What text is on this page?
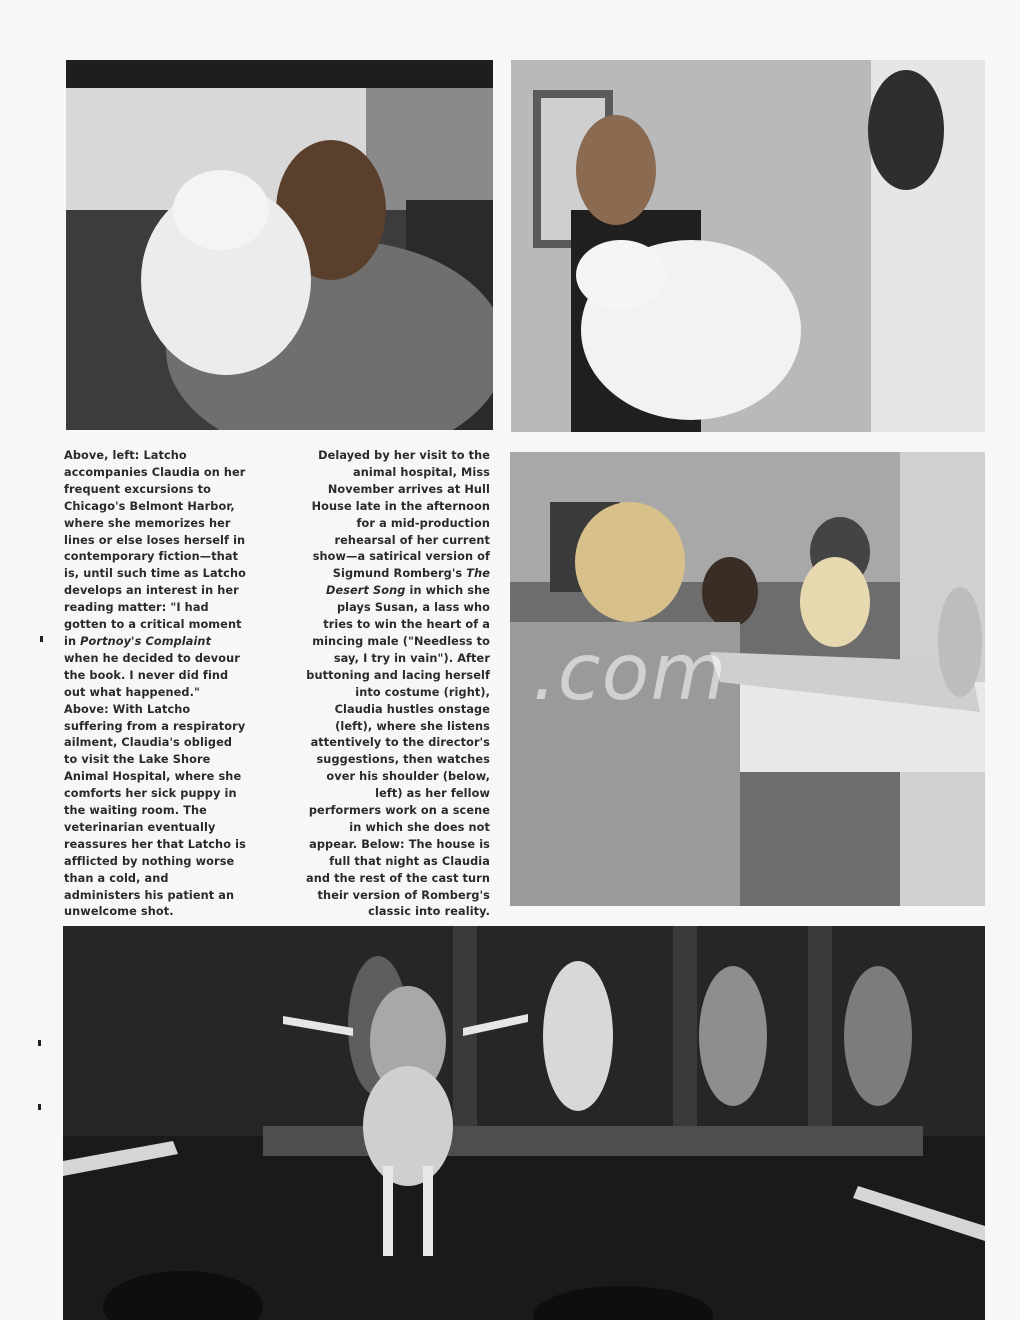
Above, left: Latcho accompanies Claudia on her frequent excursions to Chicago's Belmont Harbor, where she memorizes her lines or else loses herself in contemporary fiction—that is, until such time as Latcho develops an interest in her reading matter: "I had gotten to a critical moment in Portnoy's Complaint when he decided to devour the book. I never did find out what happened." Above: With Latcho suffering from a respiratory ailment, Claudia's obliged to visit the Lake Shore Animal Hospital, where she comforts her sick puppy in the waiting room. The veterinarian eventually reassures her that Latcho is afflicted by nothing worse than a cold, and administers his patient an unwelcome shot.

Delayed by her visit to the animal hospital, Miss November arrives at Hull House late in the afternoon for a mid-production rehearsal of her current show—a satirical version of Sigmund Romberg's The Desert Song in which she plays Susan, a lass who tries to win the heart of a mincing male ("Needless to say, I try in vain"). After buttoning and lacing herself into costume (right), Claudia hustles onstage (left), where she listens attentively to the director's suggestions, then watches over his shoulder (below, left) as her fellow performers work on a scene in which she does not appear. Below: The house is full that night as Claudia and the rest of the cast turn their version of Romberg's classic into reality.

.com
